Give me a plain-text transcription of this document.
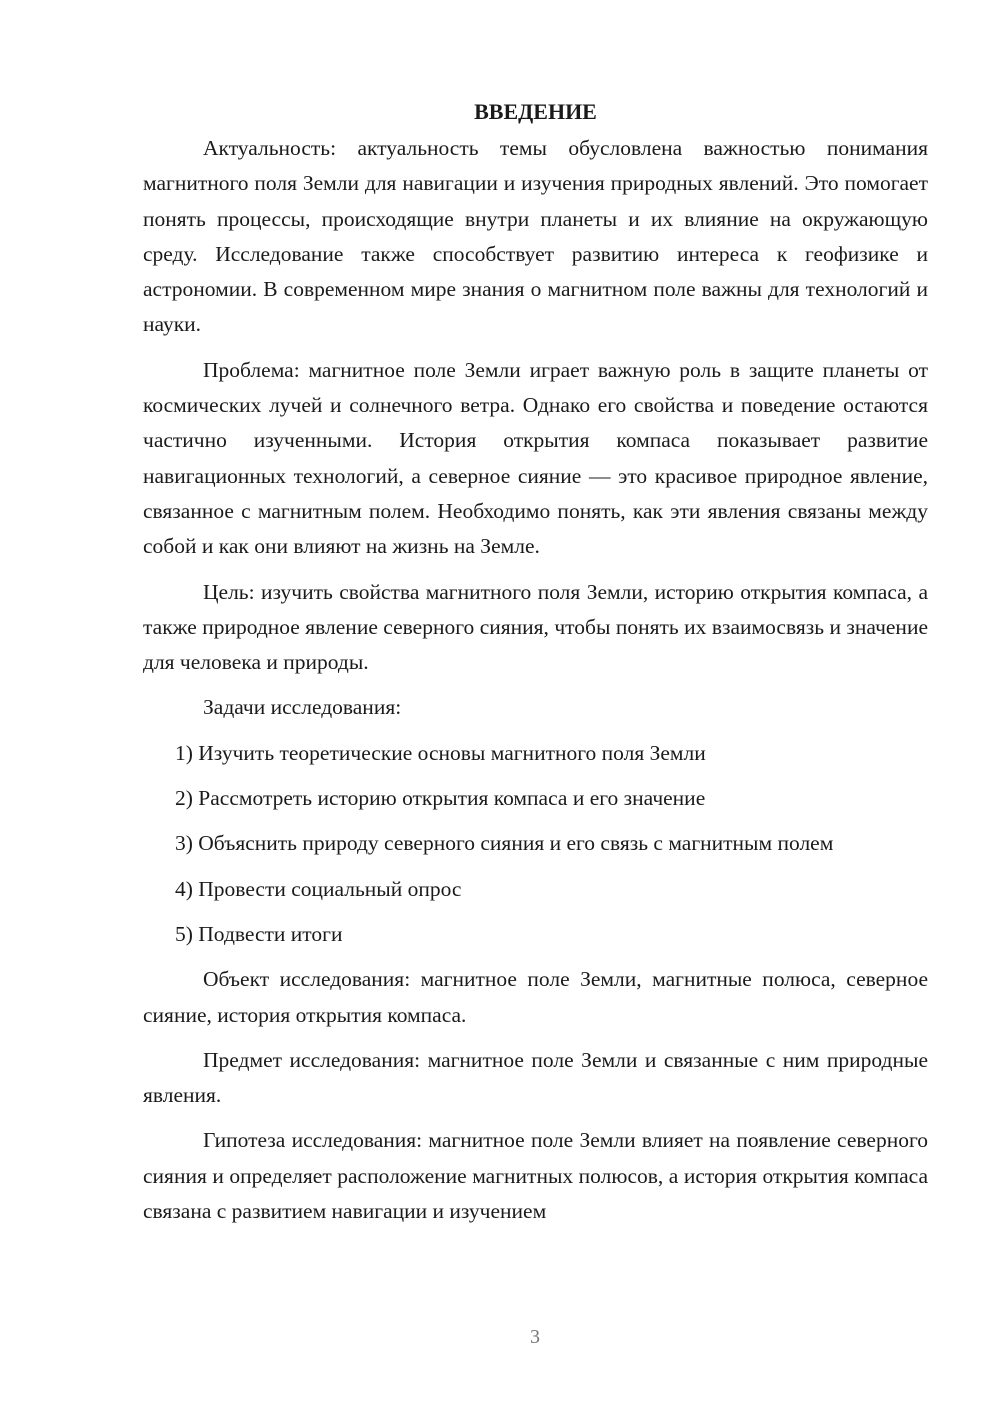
ВВЕДЕНИЕ

Актуальность: актуальность темы обусловлена важностью понимания магнитного поля Земли для навигации и изучения природных явлений. Это помогает понять процессы, происходящие внутри планеты и их влияние на окружающую среду. Исследование также способствует развитию интереса к геофизике и астрономии. В современном мире знания о магнитном поле важны для технологий и науки.

Проблема: магнитное поле Земли играет важную роль в защите планеты от космических лучей и солнечного ветра. Однако его свойства и поведение остаются частично изученными. История открытия компаса показывает развитие навигационных технологий, а северное сияние — это красивое природное явление, связанное с магнитным полем. Необходимо понять, как эти явления связаны между собой и как они влияют на жизнь на Земле.

Цель: изучить свойства магнитного поля Земли, историю открытия компаса, а также природное явление северного сияния, чтобы понять их взаимосвязь и значение для человека и природы.

Задачи исследования:

1) Изучить теоретические основы магнитного поля Земли

2) Рассмотреть историю открытия компаса и его значение

3) Объяснить природу северного сияния и его связь с магнитным полем

4) Провести социальный опрос

5) Подвести итоги

Объект исследования: магнитное поле Земли, магнитные полюса, северное сияние, история открытия компаса.

Предмет исследования: магнитное поле Земли и связанные с ним природные явления.

Гипотеза исследования: магнитное поле Земли влияет на появление северного сияния и определяет расположение магнитных полюсов, а история открытия компаса связана с развитием навигации и изучением

3
